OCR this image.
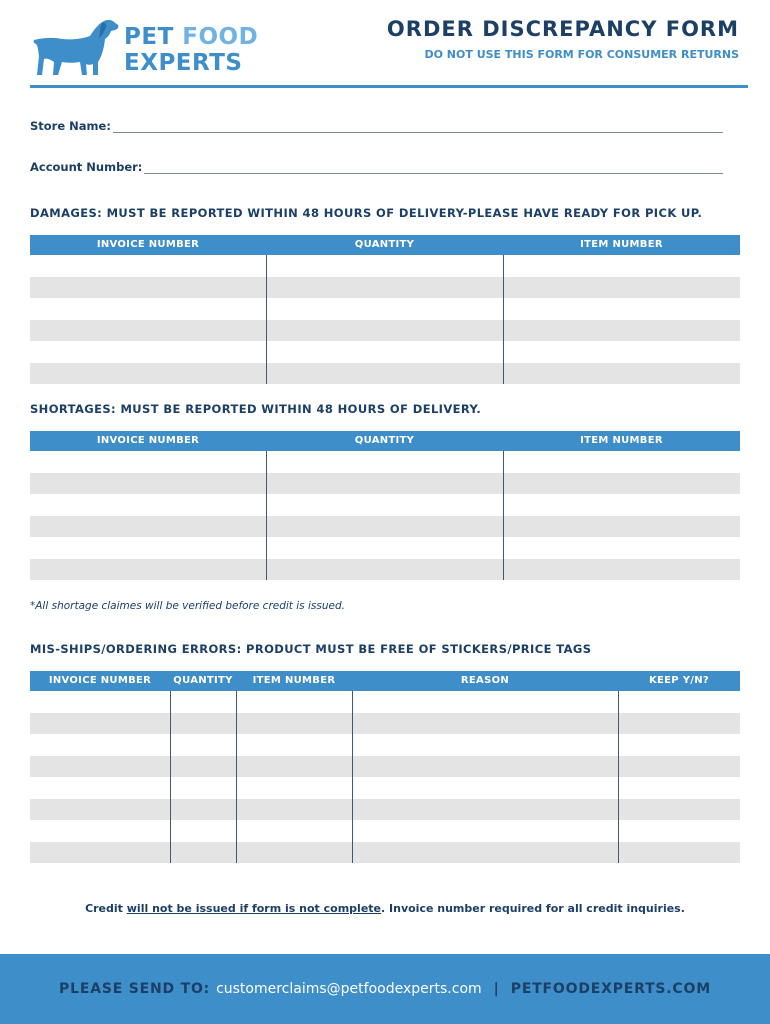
PET FOOD
EXPERTS
ORDER DISCREPANCY FORM
DO NOT USE THIS FORM FOR CONSUMER RETURNS
Store Name:
Account Number:
DAMAGES: MUST BE REPORTED WITHIN 48 HOURS OF DELIVERY-PLEASE HAVE READY FOR PICK UP.
INVOICE NUMBER	QUANTITY	ITEM NUMBER
SHORTAGES: MUST BE REPORTED WITHIN 48 HOURS OF DELIVERY.
INVOICE NUMBER	QUANTITY	ITEM NUMBER
*All shortage claimes will be verified before credit is issued.
MIS-SHIPS/ORDERING ERRORS: PRODUCT MUST BE FREE OF STICKERS/PRICE TAGS
INVOICE NUMBER	QUANTITY	ITEM NUMBER	REASON	KEEP Y/N?
Credit will not be issued if form is not complete. Invoice number required for all credit inquiries.
PLEASE SEND TO: customerclaims@petfoodexperts.com | PETFOODEXPERTS.COM
